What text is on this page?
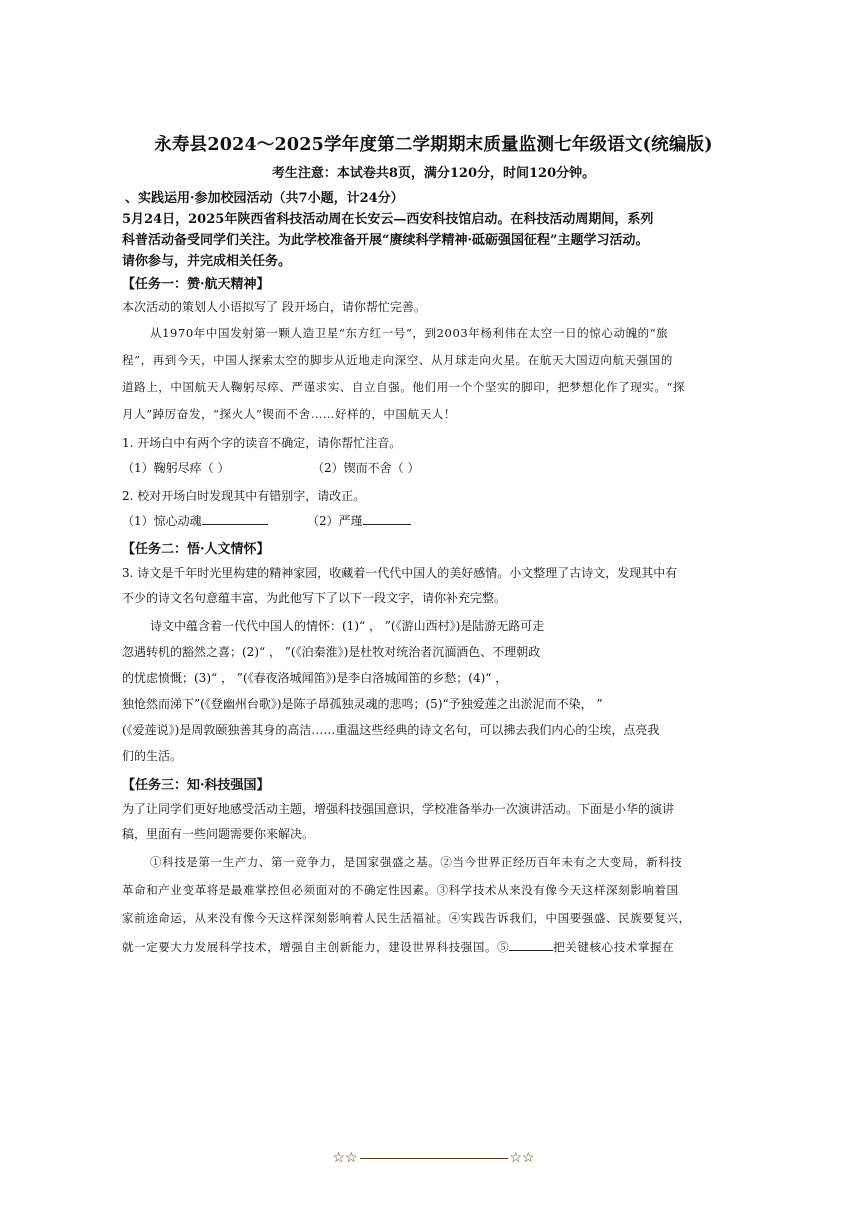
永寿县2024～2025学年度第二学期期末质量监测七年级语文(统编版)
考生注意：本试卷共8页，满分120分，时间120分钟。
、实践运用·参加校园活动（共7小题，计24分）
5月24日，2025年陕西省科技活动周在长安云—西安科技馆启动。在科技活动周期间，系列
科普活动备受同学们关注。为此学校准备开展“赓续科学精神·砥砺强国征程”主题学习活动。
请你参与，并完成相关任务。
【任务一：赞·航天精神】
本次活动的策划人小语拟写了 段开场白，请你帮忙完善。
从1970年中国发射第一颗人造卫星“东方红一号”，到2003年杨利伟在太空一日的惊心动魄的“旅
程”，再到今天，中国人探索太空的脚步从近地走向深空、从月球走向火星。在航天大国迈向航天强国的
道路上，中国航天人鞠躬尽瘁、严谨求实、自立自强。他们用一个个坚实的脚印，把梦想化作了现实。“探
月人”踔厉奋发，“探火人”锲而不舍……好样的，中国航天人！
1. 开场白中有两个字的读音不确定，请你帮忙注音。
（1）鞠躬尽瘁（ ）	（2）锲而不舍（ ）
2. 校对开场白时发现其中有错别字，请改正。
（1）惊心动魂	（2）严瑾
【任务二：悟·人文情怀】
3. 诗文是千年时光里构建的精神家园，收藏着一代代中国人的美好感情。小文整理了古诗文，发现其中有
不少的诗文名句意蕴丰富，为此他写下了以下一段文字，请你补充完整。
诗文中蕴含着一代代中国人的情怀：(1)“ ， ”(《游山西村》)是陆游无路可走
忽遇转机的豁然之喜；(2)“ ， ”(《泊秦淮》)是杜牧对统治者沉湎酒色、不理朝政
的忧虑愤慨；(3)“ ， ”(《春夜洛城闻笛》)是李白洛城闻笛的乡愁；(4)“ ，
独怆然而涕下”(《登幽州台歌》)是陈子昂孤独灵魂的悲鸣；(5)“予独爱莲之出淤泥而不染， ”
(《爱莲说》)是周敦颐独善其身的高洁……重温这些经典的诗文名句，可以拂去我们内心的尘埃，点亮我
们的生活。
【任务三：知·科技强国】
为了让同学们更好地感受活动主题，增强科技强国意识，学校准备举办一次演讲活动。下面是小华的演讲
稿，里面有一些问题需要你来解决。
①科技是第一生产力、第一竞争力，是国家强盛之基。②当今世界正经历百年未有之大变局，新科技
革命和产业变革将是最难掌控但必须面对的不确定性因素。③科学技术从来没有像今天这样深刻影响着国
家前途命运，从来没有像今天这样深刻影响着人民生活福祉。④实践告诉我们，中国要强盛、民族要复兴，
就一定要大力发展科学技术，增强自主创新能力，建设世界科技强国。⑤	把关键核心技术掌握在
☆☆	☆☆
